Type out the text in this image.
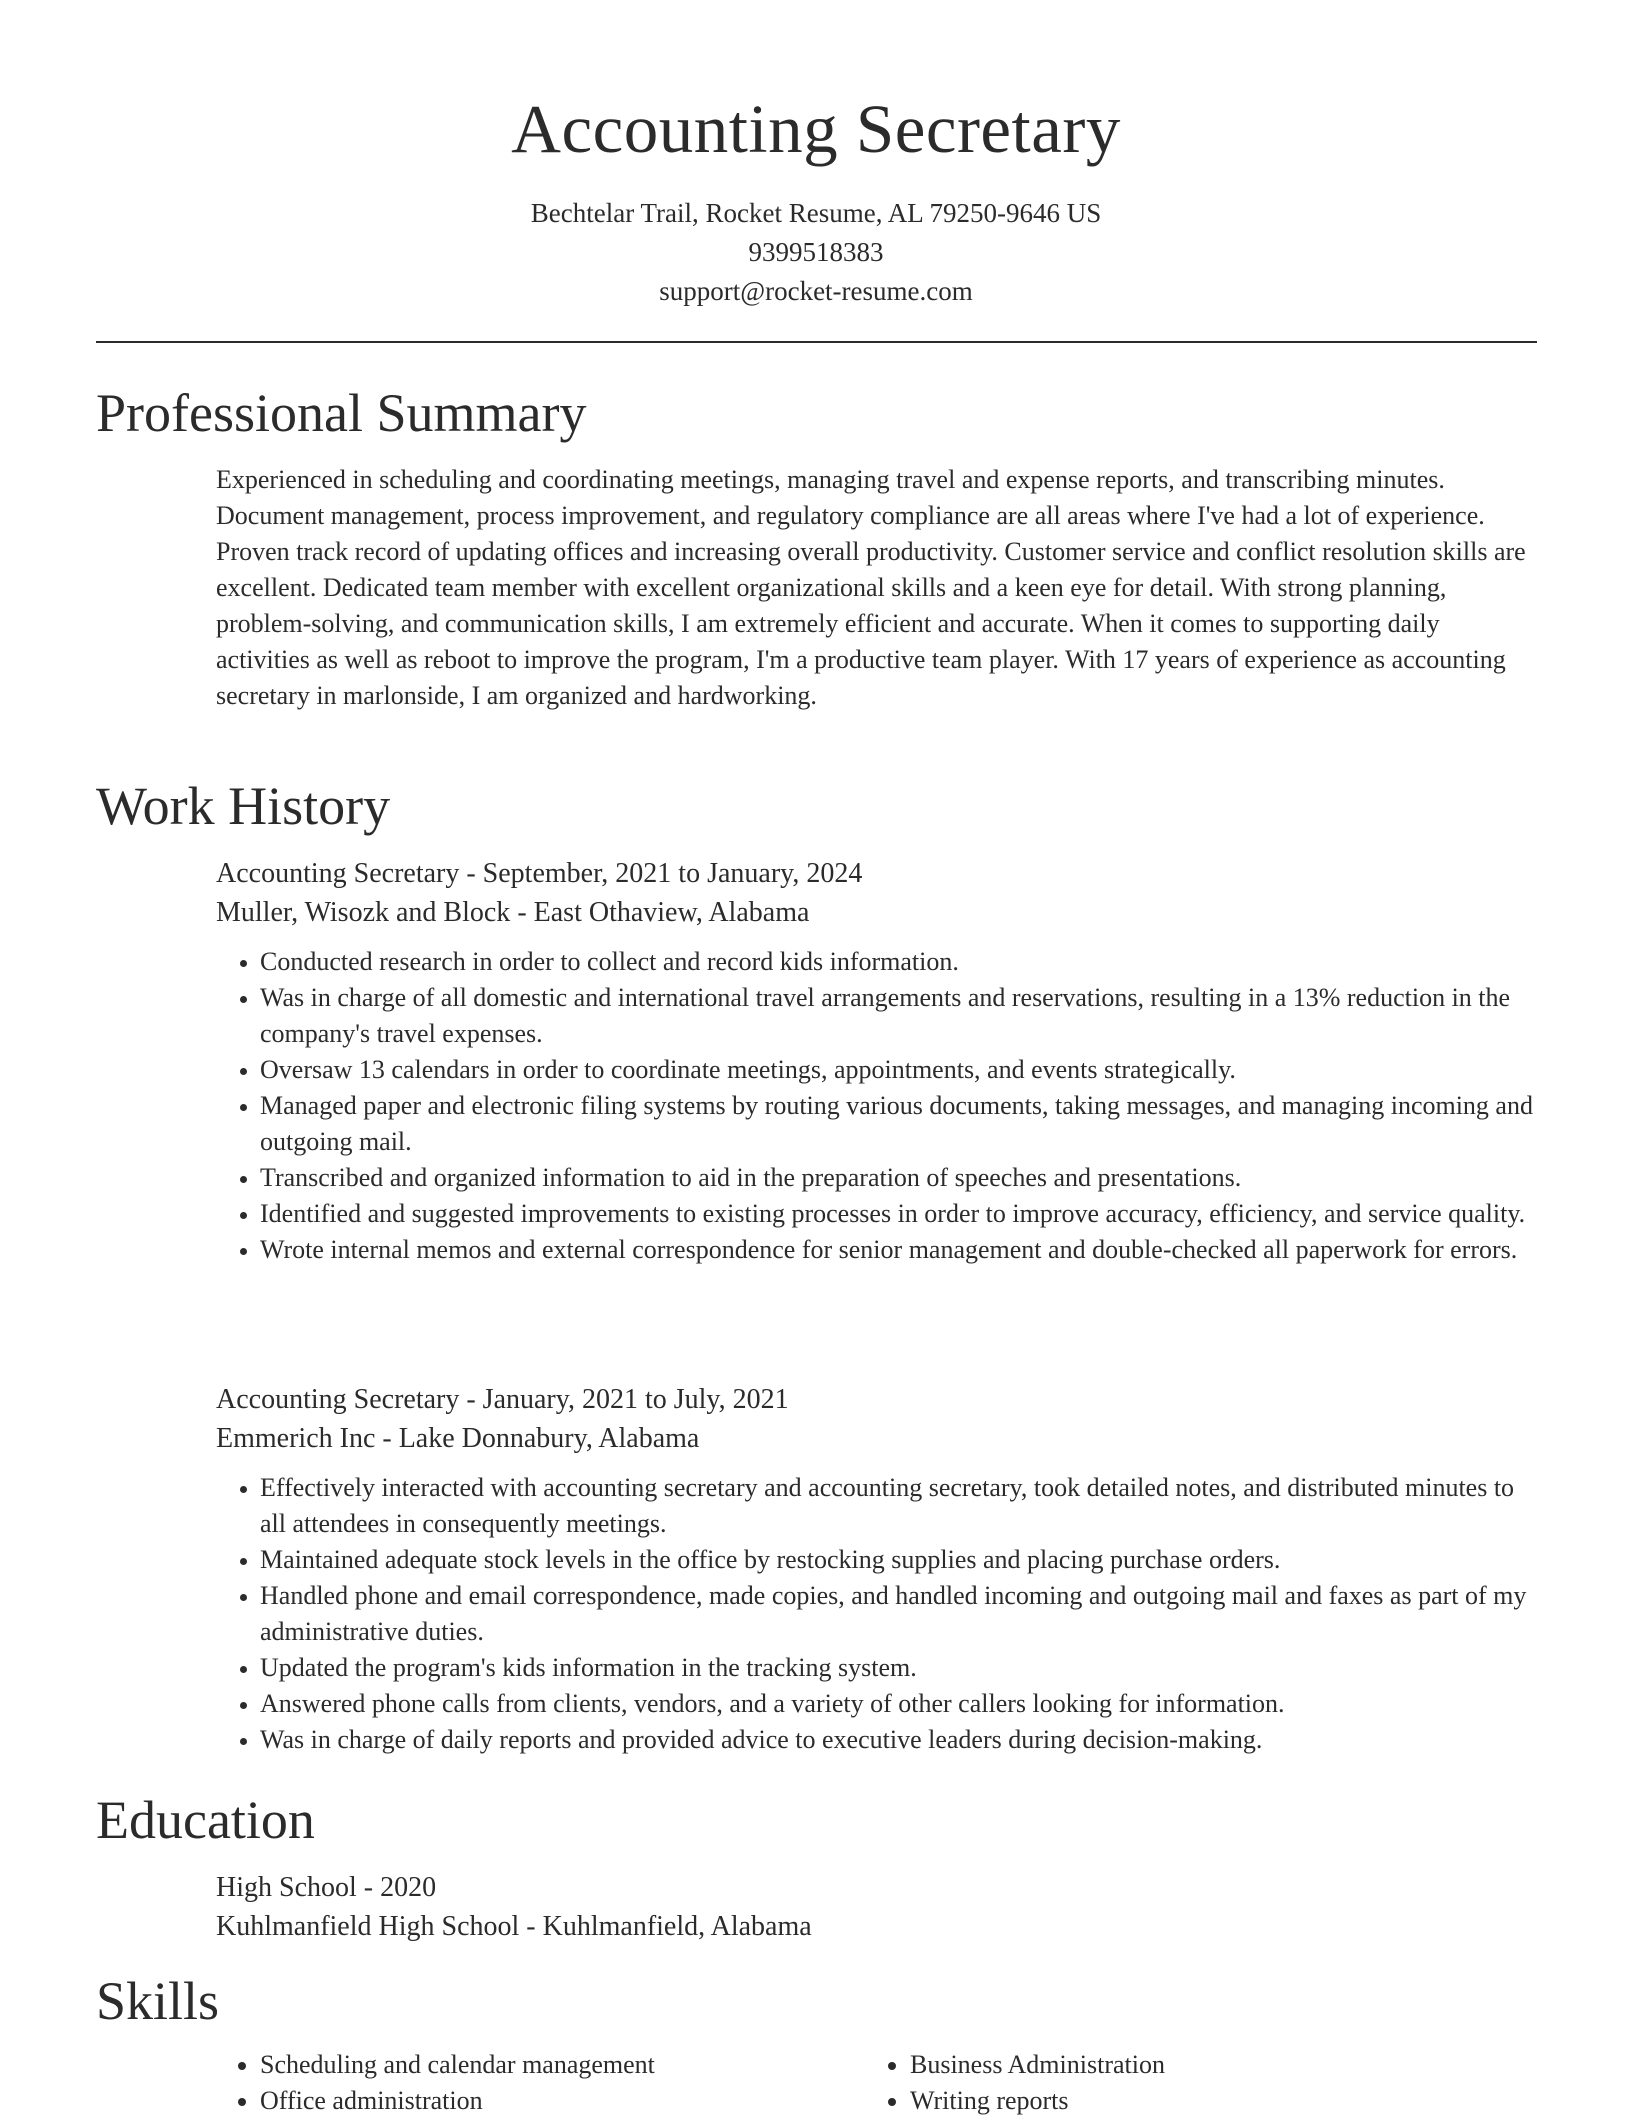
Accounting Secretary
Bechtelar Trail, Rocket Resume, AL 79250-9646 US
9399518383
support@rocket-resume.com
Professional Summary

Experienced in scheduling and coordinating meetings, managing travel and expense reports, and transcribing minutes. Document management, process improvement, and regulatory compliance are all areas where I've had a lot of experience. Proven track record of updating offices and increasing overall productivity. Customer service and conflict resolution skills are excellent. Dedicated team member with excellent organizational skills and a keen eye for detail. With strong planning, problem-solving, and communication skills, I am extremely efficient and accurate. When it comes to supporting daily activities as well as reboot to improve the program, I'm a productive team player. With 17 years of experience as accounting secretary in marlonside, I am organized and hardworking.

Work History
Accounting Secretary - September, 2021 to January, 2024
Muller, Wisozk and Block - East Othaview, Alabama
• Conducted research in order to collect and record kids information.
• Was in charge of all domestic and international travel arrangements and reservations, resulting in a 13% reduction in the company's travel expenses.
• Oversaw 13 calendars in order to coordinate meetings, appointments, and events strategically.
• Managed paper and electronic filing systems by routing various documents, taking messages, and managing incoming and outgoing mail.
• Transcribed and organized information to aid in the preparation of speeches and presentations.
• Identified and suggested improvements to existing processes in order to improve accuracy, efficiency, and service quality.
• Wrote internal memos and external correspondence for senior management and double-checked all paperwork for errors.
Accounting Secretary - January, 2021 to July, 2021
Emmerich Inc - Lake Donnabury, Alabama
• Effectively interacted with accounting secretary and accounting secretary, took detailed notes, and distributed minutes to all attendees in consequently meetings.
• Maintained adequate stock levels in the office by restocking supplies and placing purchase orders.
• Handled phone and email correspondence, made copies, and handled incoming and outgoing mail and faxes as part of my administrative duties.
• Updated the program's kids information in the tracking system.
• Answered phone calls from clients, vendors, and a variety of other callers looking for information.
• Was in charge of daily reports and provided advice to executive leaders during decision-making.
Education
High School - 2020
Kuhlmanfield High School - Kuhlmanfield, Alabama
Skills
• Scheduling and calendar management
• Office administration
• Business Administration
• Writing reports
